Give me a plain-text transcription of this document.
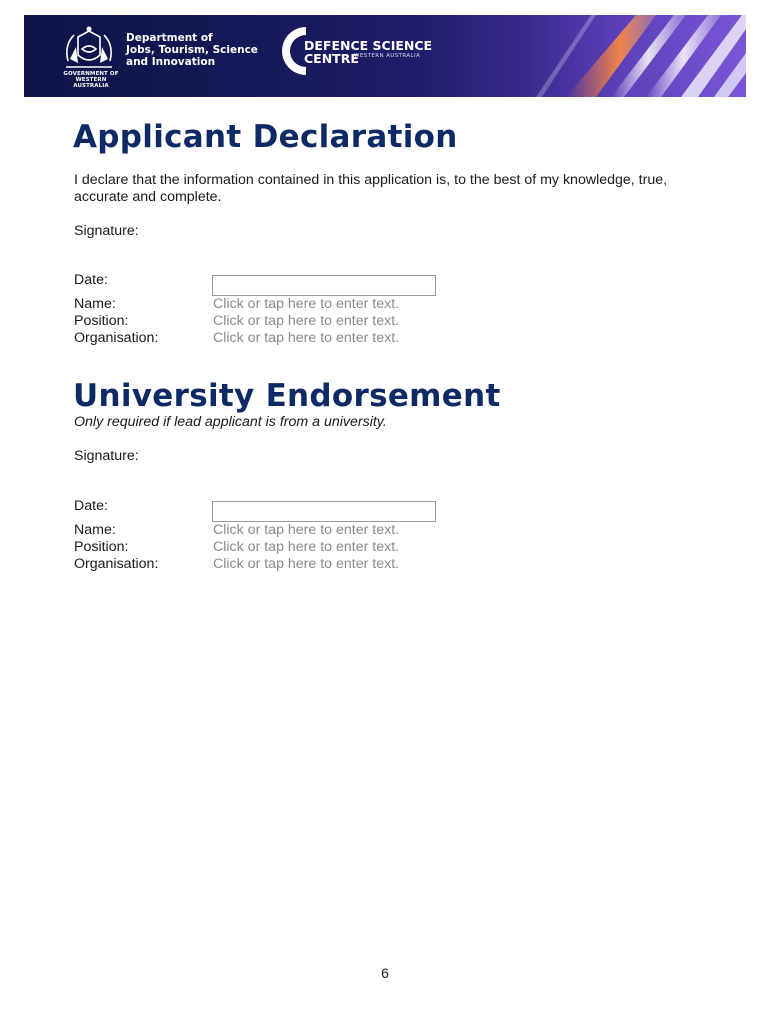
GOVERNMENT OF WESTERN AUSTRALIA
Department of
Jobs, Tourism, Science
and Innovation
DEFENCE SCIENCE
CENTRE
WESTERN AUSTRALIA
Applicant Declaration
I declare that the information contained in this application is, to the best of my knowledge, true, accurate and complete.
Signature:
Date:
Name:	Click or tap here to enter text.
Position:	Click or tap here to enter text.
Organisation:	Click or tap here to enter text.
University Endorsement
Only required if lead applicant is from a university.
Signature:
Date:
Name:	Click or tap here to enter text.
Position:	Click or tap here to enter text.
Organisation:	Click or tap here to enter text.
6
